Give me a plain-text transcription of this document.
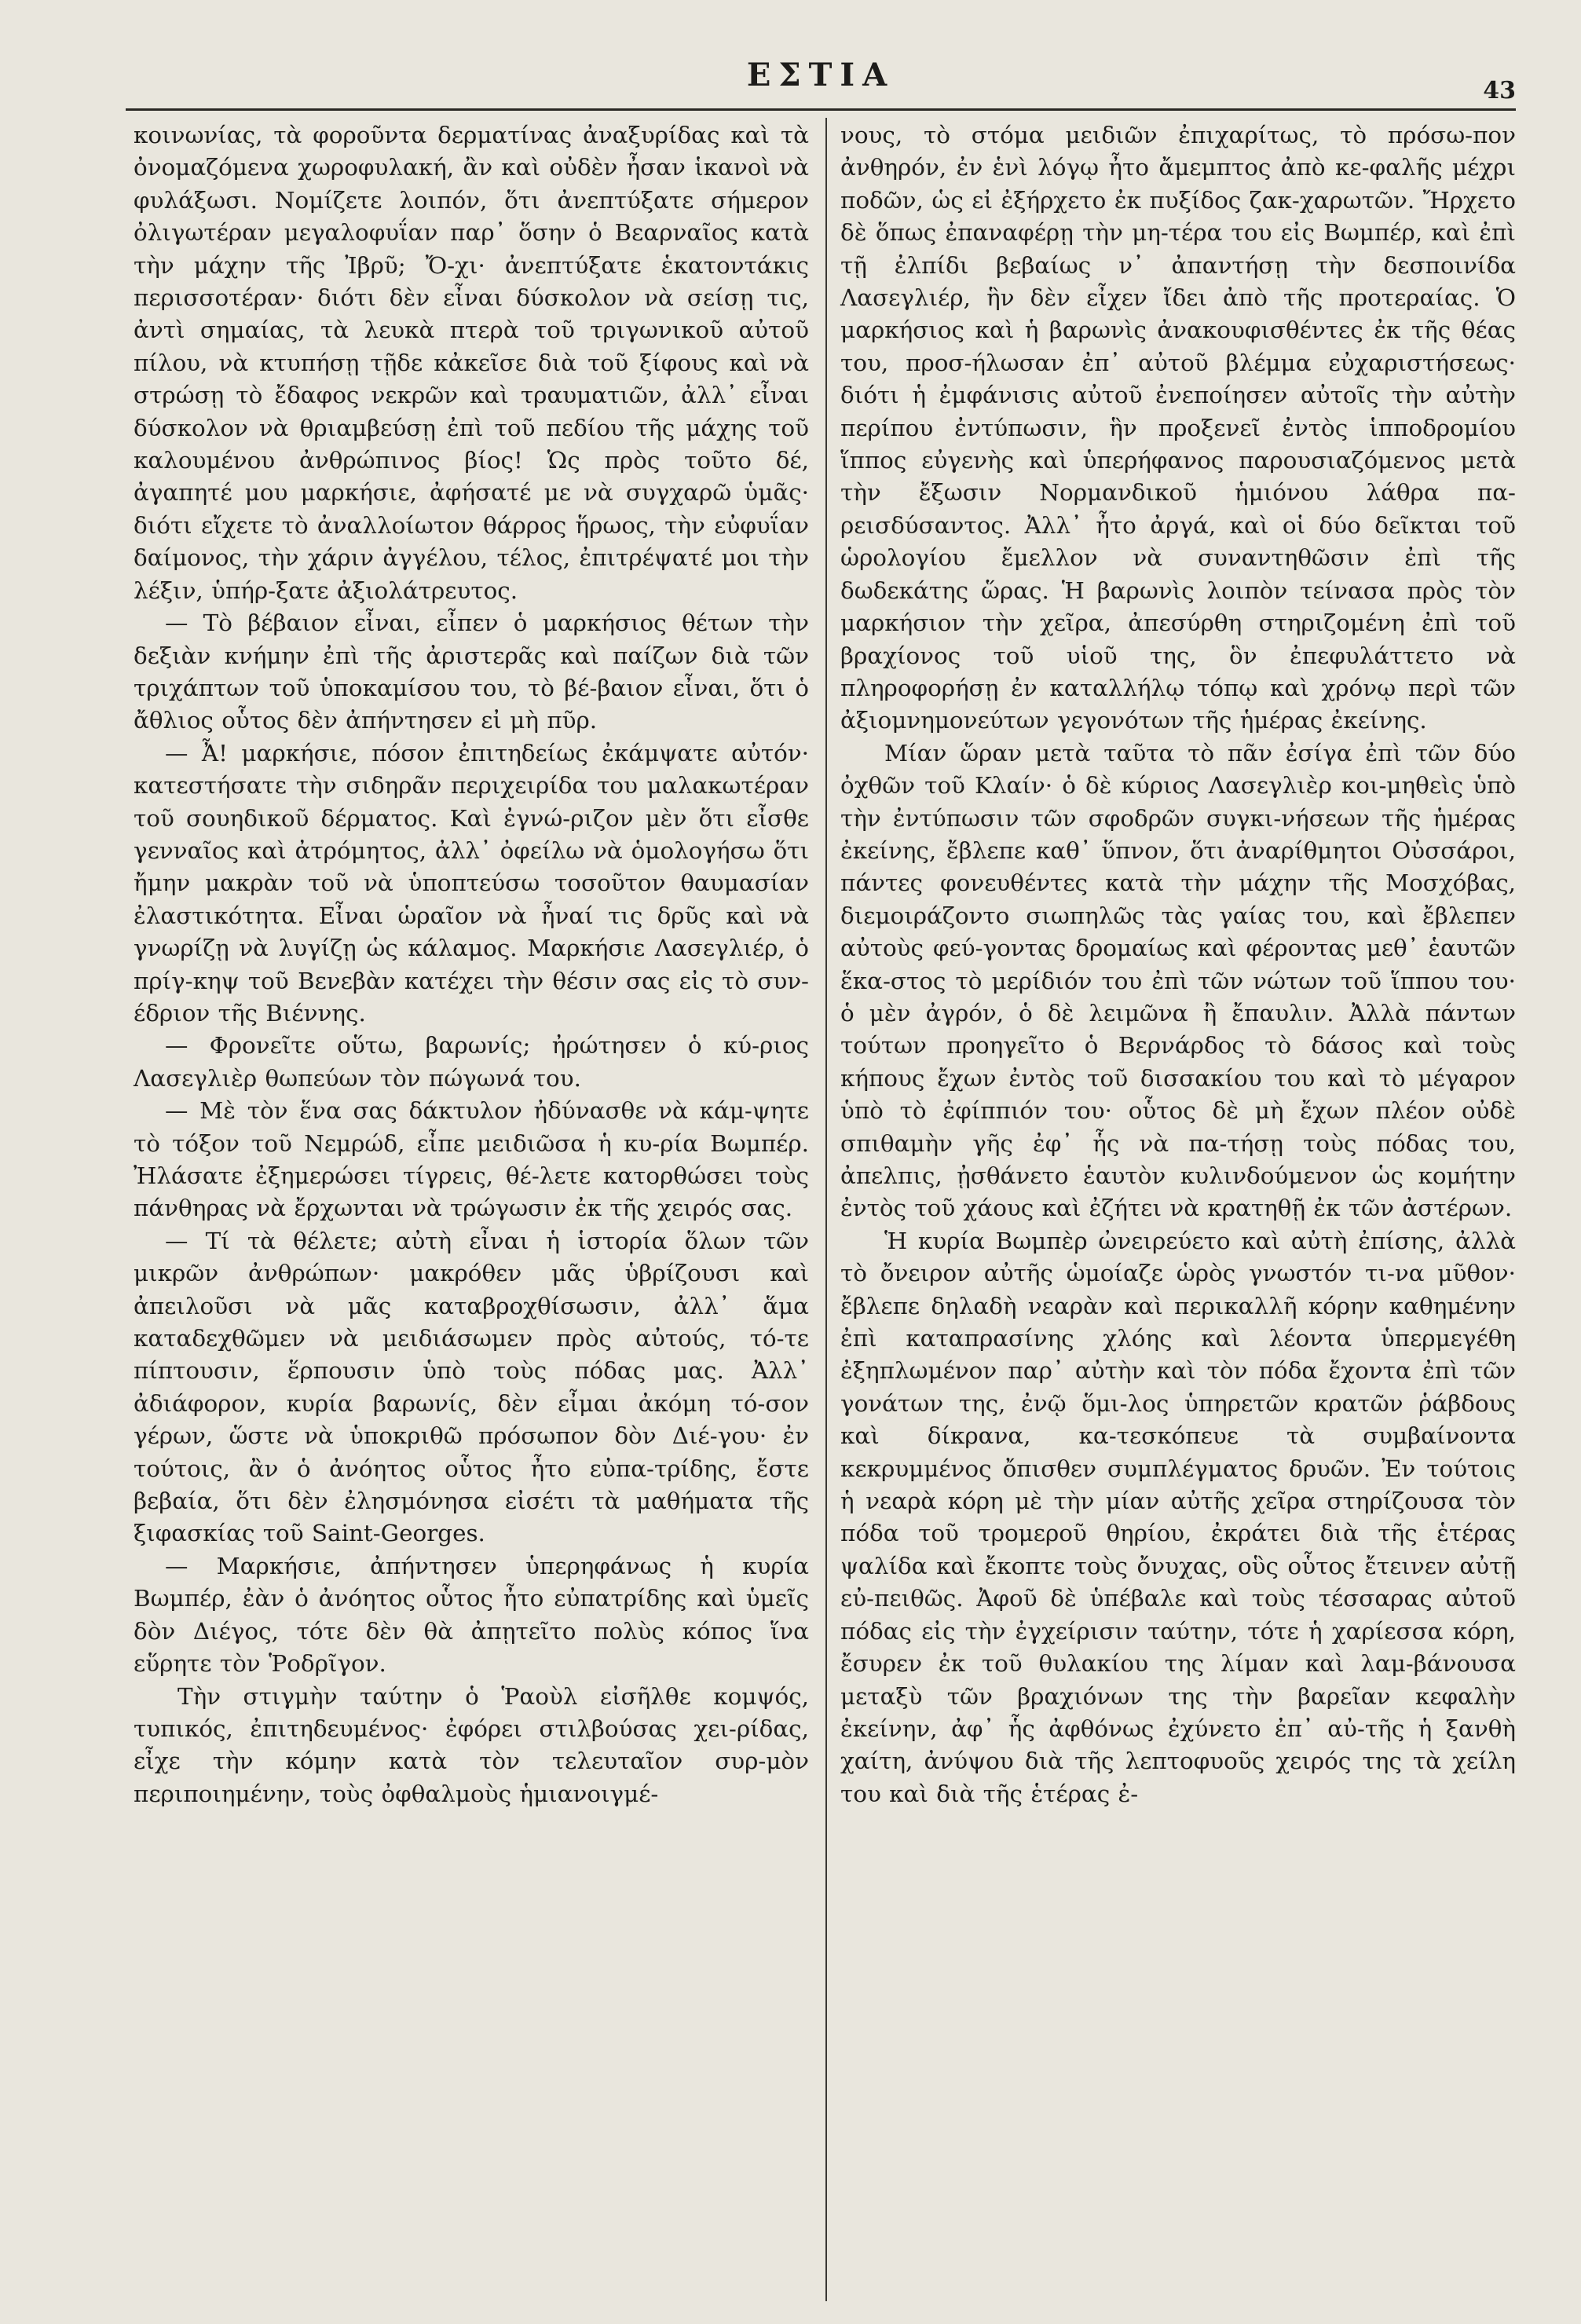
ΕΣΤΙΑ	43

κοινωνίας, τὰ φοροῦντα δερματίνας ἀναξυρίδας καὶ τὰ ὀνομαζόμενα χωροφυλακή, ἂν καὶ οὐδὲν ἦσαν ἱκανοὶ νὰ φυλάξωσι. Νομίζετε λοιπόν, ὅτι ἀνεπτύξατε σήμερον ὀλιγωτέραν μεγαλοφυΐαν παρ᾽ ὅσην ὁ Βεαρναῖος κατὰ τὴν μάχην τῆς Ἰβρῦ; Ὄ-χι· ἀνεπτύξατε ἑκατοντάκις περισσοτέραν· διότι δὲν εἶναι δύσκολον νὰ σείσῃ τις, ἀντὶ σημαίας, τὰ λευκὰ πτερὰ τοῦ τριγωνικοῦ αὐτοῦ πίλου, νὰ κτυπήσῃ τῇδε κἀκεῖσε διὰ τοῦ ξίφους καὶ νὰ στρώσῃ τὸ ἔδαφος νεκρῶν καὶ τραυματιῶν, ἀλλ᾽ εἶναι δύσκολον νὰ θριαμβεύσῃ ἐπὶ τοῦ πεδίου τῆς μάχης τοῦ καλουμένου ἀνθρώπινος βίος! Ὡς πρὸς τοῦτο δέ, ἀγαπητέ μου μαρκήσιε, ἀφήσατέ με νὰ συγχαρῶ ὑμᾶς· διότι εἴχετε τὸ ἀναλλοίωτον θάρρος ἥρωος, τὴν εὐφυΐαν δαίμονος, τὴν χάριν ἀγγέλου, τέλος, ἐπιτρέψατέ μοι τὴν λέξιν, ὑπήρ-ξατε ἀξιολάτρευτος.

— Τὸ βέβαιον εἶναι, εἶπεν ὁ μαρκήσιος θέτων τὴν δεξιὰν κνήμην ἐπὶ τῆς ἀριστερᾶς καὶ παίζων διὰ τῶν τριχάπτων τοῦ ὑποκαμίσου του, τὸ βέ-βαιον εἶναι, ὅτι ὁ ἄθλιος οὗτος δὲν ἀπήντησεν εἰ μὴ πῦρ.

— Ἆ! μαρκήσιε, πόσον ἐπιτηδείως ἐκάμψατε αὐτόν· κατεστήσατε τὴν σιδηρᾶν περιχειρίδα του μαλακωτέραν τοῦ σουηδικοῦ δέρματος. Καὶ ἐγνώ-ριζον μὲν ὅτι εἶσθε γενναῖος καὶ ἀτρόμητος, ἀλλ᾽ ὀφείλω νὰ ὁμολογήσω ὅτι ἤμην μακρὰν τοῦ νὰ ὑποπτεύσω τοσοῦτον θαυμασίαν ἐλαστικότητα. Εἶναι ὡραῖον νὰ ἦναί τις δρῦς καὶ νὰ γνωρίζῃ νὰ λυγίζῃ ὡς κάλαμος. Μαρκήσιε Λασεγλιέρ, ὁ πρίγ-κηψ τοῦ Βενεβὰν κατέχει τὴν θέσιν σας εἰς τὸ συν-έδριον τῆς Βιέννης.

— Φρονεῖτε οὕτω, βαρωνίς; ἠρώτησεν ὁ κύ-ριος Λασεγλιὲρ θωπεύων τὸν πώγωνά του.

— Μὲ τὸν ἕνα σας δάκτυλον ἠδύνασθε νὰ κάμ-ψητε τὸ τόξον τοῦ Νεμρώδ, εἶπε μειδιῶσα ἡ κυ-ρία Βωμπέρ. Ἠλάσατε ἐξημερώσει τίγρεις, θέ-λετε κατορθώσει τοὺς πάνθηρας νὰ ἔρχωνται νὰ τρώγωσιν ἐκ τῆς χειρός σας.

— Τί τὰ θέλετε; αὐτὴ εἶναι ἡ ἱστορία ὅλων τῶν μικρῶν ἀνθρώπων· μακρόθεν μᾶς ὑβρίζουσι καὶ ἀπειλοῦσι νὰ μᾶς καταβροχθίσωσιν, ἀλλ᾽ ἅμα καταδεχθῶμεν νὰ μειδιάσωμεν πρὸς αὐτούς, τό-τε πίπτουσιν, ἕρπουσιν ὑπὸ τοὺς πόδας μας. Ἀλλ᾽ ἀδιάφορον, κυρία βαρωνίς, δὲν εἶμαι ἀκόμη τό-σον γέρων, ὥστε νὰ ὑποκριθῶ πρόσωπον δὸν Διέ-γου· ἐν τούτοις, ἂν ὁ ἀνόητος οὗτος ἦτο εὐπα-τρίδης, ἔστε βεβαία, ὅτι δὲν ἐλησμόνησα εἰσέτι τὰ μαθήματα τῆς ξιφασκίας τοῦ Saint-Georges.

— Μαρκήσιε, ἀπήντησεν ὑπερηφάνως ἡ κυρία Βωμπέρ, ἐὰν ὁ ἀνόητος οὗτος ἦτο εὐπατρίδης καὶ ὑμεῖς δὸν Διέγος, τότε δὲν θὰ ἀπῃτεῖτο πολὺς κόπος ἵνα εὕρητε τὸν Ῥοδρῖγον.

Τὴν στιγμὴν ταύτην ὁ Ῥαοὺλ εἰσῆλθε κομψός, τυπικός, ἐπιτηδευμένος· ἐφόρει στιλβούσας χει-ρίδας, εἶχε τὴν κόμην κατὰ τὸν τελευταῖον συρ-μὸν περιποιημένην, τοὺς ὀφθαλμοὺς ἡμιανοιγμέ-

νους, τὸ στόμα μειδιῶν ἐπιχαρίτως, τὸ πρόσω-πον ἀνθηρόν, ἐν ἑνὶ λόγῳ ἦτο ἄμεμπτος ἀπὸ κε-φαλῆς μέχρι ποδῶν, ὡς εἰ ἐξήρχετο ἐκ πυξίδος ζακ-χαρωτῶν. Ἤρχετο δὲ ὅπως ἐπαναφέρῃ τὴν μη-τέρα του εἰς Βωμπέρ, καὶ ἐπὶ τῇ ἐλπίδι βεβαίως ν᾽ ἀπαντήσῃ τὴν δεσποινίδα Λασεγλιέρ, ἣν δὲν εἶχεν ἴδει ἀπὸ τῆς προτεραίας. Ὁ μαρκήσιος καὶ ἡ βαρωνὶς ἀνακουφισθέντες ἐκ τῆς θέας του, προσ-ήλωσαν ἐπ᾽ αὐτοῦ βλέμμα εὐχαριστήσεως· διότι ἡ ἐμφάνισις αὐτοῦ ἐνεποίησεν αὐτοῖς τὴν αὐτὴν περίπου ἐντύπωσιν, ἣν προξενεῖ ἐντὸς ἱπποδρομίου ἵππος εὐγενὴς καὶ ὑπερήφανος παρουσιαζόμενος μετὰ τὴν ἔξωσιν Νορμανδικοῦ ἡμιόνου λάθρα πα-ρεισδύσαντος. Ἀλλ᾽ ἦτο ἀργά, καὶ οἱ δύο δεῖκται τοῦ ὡρολογίου ἔμελλον νὰ συναντηθῶσιν ἐπὶ τῆς δωδεκάτης ὥρας. Ἡ βαρωνὶς λοιπὸν τείνασα πρὸς τὸν μαρκήσιον τὴν χεῖρα, ἀπεσύρθη στηριζομένη ἐπὶ τοῦ βραχίονος τοῦ υἱοῦ της, ὃν ἐπεφυλάττετο νὰ πληροφορήσῃ ἐν καταλλήλῳ τόπῳ καὶ χρόνῳ περὶ τῶν ἀξιομνημονεύτων γεγονότων τῆς ἡμέρας ἐκείνης.

Μίαν ὥραν μετὰ ταῦτα τὸ πᾶν ἐσίγα ἐπὶ τῶν δύο ὀχθῶν τοῦ Κλαίν· ὁ δὲ κύριος Λασεγλιὲρ κοι-μηθεὶς ὑπὸ τὴν ἐντύπωσιν τῶν σφοδρῶν συγκι-νήσεων τῆς ἡμέρας ἐκείνης, ἔβλεπε καθ᾽ ὕπνον, ὅτι ἀναρίθμητοι Οὐσσάροι, πάντες φονευθέντες κατὰ τὴν μάχην τῆς Μοσχόβας, διεμοιράζοντο σιωπηλῶς τὰς γαίας του, καὶ ἔβλεπεν αὐτοὺς φεύ-γοντας δρομαίως καὶ φέροντας μεθ᾽ ἑαυτῶν ἕκα-στος τὸ μερίδιόν του ἐπὶ τῶν νώτων τοῦ ἵππου του· ὁ μὲν ἀγρόν, ὁ δὲ λειμῶνα ἢ ἔπαυλιν. Ἀλλὰ πάντων τούτων προηγεῖτο ὁ Βερνάρδος τὸ δάσος καὶ τοὺς κήπους ἔχων ἐντὸς τοῦ δισσακίου του καὶ τὸ μέγαρον ὑπὸ τὸ ἐφίππιόν του· οὗτος δὲ μὴ ἔχων πλέον οὐδὲ σπιθαμὴν γῆς ἐφ᾽ ἧς νὰ πα-τήσῃ τοὺς πόδας του, ἀπελπις, ᾐσθάνετο ἑαυτὸν κυλινδούμενον ὡς κομήτην ἐντὸς τοῦ χάους καὶ ἐζήτει νὰ κρατηθῇ ἐκ τῶν ἀστέρων.

Ἡ κυρία Βωμπὲρ ὠνειρεύετο καὶ αὐτὴ ἐπίσης, ἀλλὰ τὸ ὄνειρον αὐτῆς ὡμοίαζε ὡρὸς γνωστόν τι-να μῦθον· ἔβλεπε δηλαδὴ νεαρὰν καὶ περικαλλῆ κόρην καθημένην ἐπὶ καταπρασίνης χλόης καὶ λέοντα ὑπερμεγέθη ἐξηπλωμένον παρ᾽ αὐτὴν καὶ τὸν πόδα ἔχοντα ἐπὶ τῶν γονάτων της, ἐνῷ ὅμι-λος ὑπηρετῶν κρατῶν ῥάβδους καὶ δίκρανα, κα-τεσκόπευε τὰ συμβαίνοντα κεκρυμμένος ὄπισθεν συμπλέγματος δρυῶν. Ἐν τούτοις ἡ νεαρὰ κόρη μὲ τὴν μίαν αὐτῆς χεῖρα στηρίζουσα τὸν πόδα τοῦ τρομεροῦ θηρίου, ἐκράτει διὰ τῆς ἑτέρας ψαλίδα καὶ ἔκοπτε τοὺς ὄνυχας, οὓς οὗτος ἔτεινεν αὐτῇ εὐ-πειθῶς. Ἀφοῦ δὲ ὑπέβαλε καὶ τοὺς τέσσαρας αὐτοῦ πόδας εἰς τὴν ἐγχείρισιν ταύτην, τότε ἡ χαρίεσσα κόρη, ἔσυρεν ἐκ τοῦ θυλακίου της λίμαν καὶ λαμ-βάνουσα μεταξὺ τῶν βραχιόνων της τὴν βαρεῖαν κεφαλὴν ἐκείνην, ἀφ᾽ ἧς ἀφθόνως ἐχύνετο ἐπ᾽ αὐ-τῆς ἡ ξανθὴ χαίτη, ἀνύψου διὰ τῆς λεπτοφυοῦς χειρός της τὰ χείλη του καὶ διὰ τῆς ἑτέρας ἐ-
